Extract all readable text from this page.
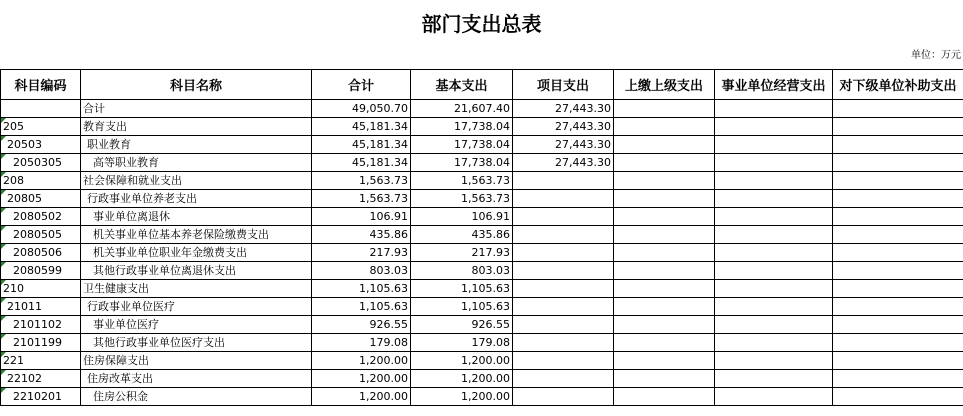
部门支出总表
单位：万元
科目编码	科目名称	合计	基本支出	项目支出	上缴上级支出	事业单位经营支出	对下级单位补助支出
	合计	49,050.70	21,607.40	27,443.30			
205	教育支出	45,181.34	17,738.04	27,443.30			
20503	职业教育	45,181.34	17,738.04	27,443.30			
2050305	高等职业教育	45,181.34	17,738.04	27,443.30			
208	社会保障和就业支出	1,563.73	1,563.73				
20805	行政事业单位养老支出	1,563.73	1,563.73				
2080502	事业单位离退休	106.91	106.91				
2080505	机关事业单位基本养老保险缴费支出	435.86	435.86				
2080506	机关事业单位职业年金缴费支出	217.93	217.93				
2080599	其他行政事业单位离退休支出	803.03	803.03				
210	卫生健康支出	1,105.63	1,105.63				
21011	行政事业单位医疗	1,105.63	1,105.63				
2101102	事业单位医疗	926.55	926.55				
2101199	其他行政事业单位医疗支出	179.08	179.08				
221	住房保障支出	1,200.00	1,200.00				
22102	住房改革支出	1,200.00	1,200.00				
2210201	住房公积金	1,200.00	1,200.00				
